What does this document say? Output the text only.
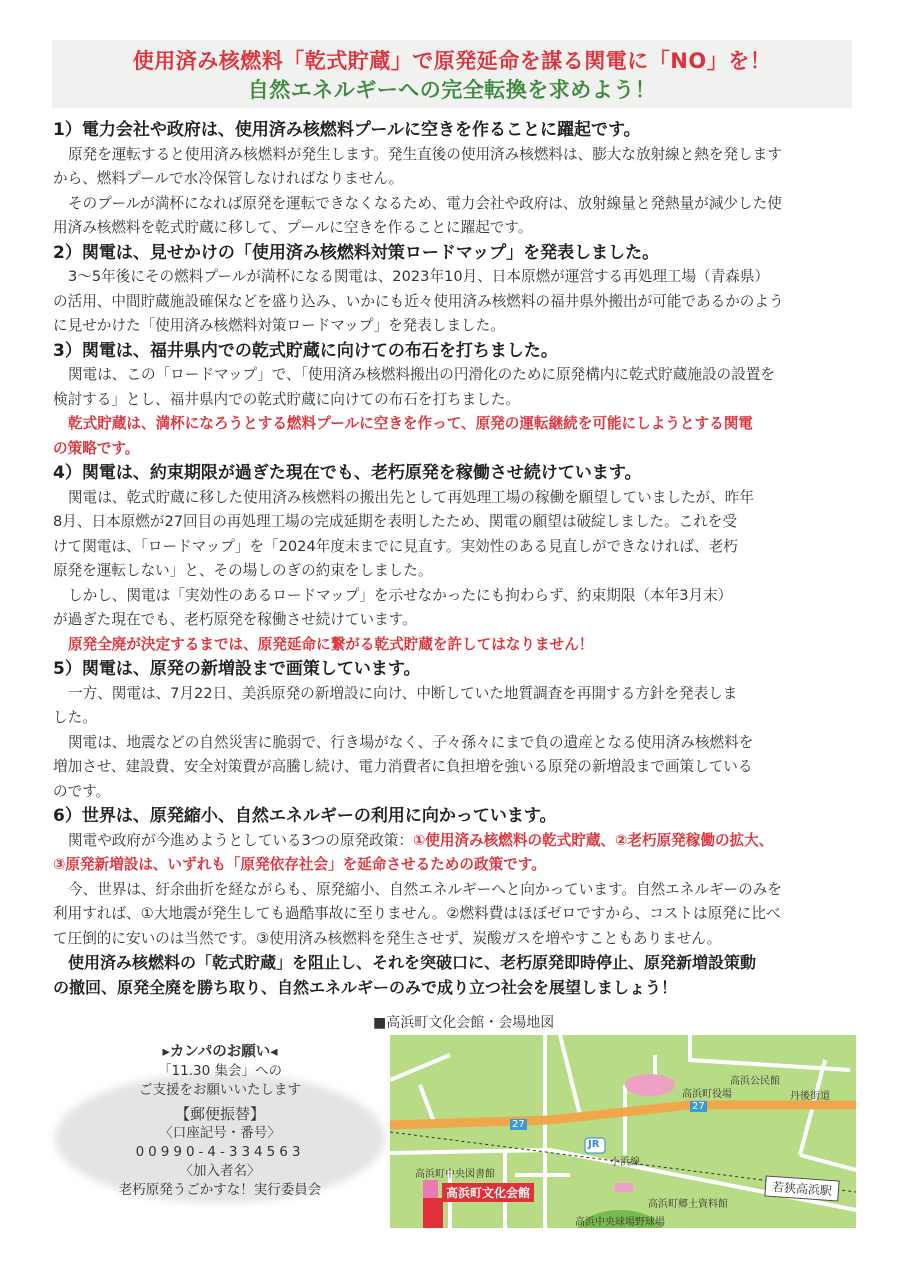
使用済み核燃料「乾式貯蔵」で原発延命を謀る関電に「NO」を！
自然エネルギーへの完全転換を求めよう！
1）電力会社や政府は、使用済み核燃料プールに空きを作ることに躍起です。
原発を運転すると使用済み核燃料が発生します。発生直後の使用済み核燃料は、膨大な放射線と熱を発します
から、燃料プールで水冷保管しなければなりません。
そのプールが満杯になれば原発を運転できなくなるため、電力会社や政府は、放射線量と発熱量が減少した使
用済み核燃料を乾式貯蔵に移して、プールに空きを作ることに躍起です。
2）関電は、見せかけの「使用済み核燃料対策ロードマップ」を発表しました。
3～5年後にその燃料プールが満杯になる関電は、2023年10月、日本原燃が運営する再処理工場（青森県）
の活用、中間貯蔵施設確保などを盛り込み、いかにも近々使用済み核燃料の福井県外搬出が可能であるかのよう
に見せかけた「使用済み核燃料対策ロードマップ」を発表しました。
3）関電は、福井県内での乾式貯蔵に向けての布石を打ちました。
関電は、この「ロードマップ」で、「使用済み核燃料搬出の円滑化のために原発構内に乾式貯蔵施設の設置を
検討する」とし、福井県内での乾式貯蔵に向けての布石を打ちました。
乾式貯蔵は、満杯になろうとする燃料プールに空きを作って、原発の運転継続を可能にしようとする関電
の策略です。
4）関電は、約束期限が過ぎた現在でも、老朽原発を稼働させ続けています。
関電は、乾式貯蔵に移した使用済み核燃料の搬出先として再処理工場の稼働を願望していましたが、昨年
8月、日本原燃が27回目の再処理工場の完成延期を表明したため、関電の願望は破綻しました。これを受
けて関電は、「ロードマップ」を「2024年度末までに見直す。実効性のある見直しができなければ、老朽
原発を運転しない」と、その場しのぎの約束をしました。
しかし、関電は「実効性のあるロードマップ」を示せなかったにも拘わらず、約束期限（本年3月末）
が過ぎた現在でも、老朽原発を稼働させ続けています。
原発全廃が決定するまでは、原発延命に繋がる乾式貯蔵を許してはなりません！
5）関電は、原発の新増設まで画策しています。
一方、関電は、7月22日、美浜原発の新増設に向け、中断していた地質調査を再開する方針を発表しま
した。
関電は、地震などの自然災害に脆弱で、行き場がなく、子々孫々にまで負の遺産となる使用済み核燃料を
増加させ、建設費、安全対策費が高騰し続け、電力消費者に負担増を強いる原発の新増設まで画策している
のです。
6）世界は、原発縮小、自然エネルギーの利用に向かっています。
関電や政府が今進めようとしている3つの原発政策：①使用済み核燃料の乾式貯蔵、②老朽原発稼働の拡大、
③原発新増設は、いずれも「原発依存社会」を延命させるための政策です。
今、世界は、紆余曲折を経ながらも、原発縮小、自然エネルギーへと向かっています。自然エネルギーのみを
利用すれば、①大地震が発生しても過酷事故に至りません。②燃料費はほぼゼロですから、コストは原発に比べ
て圧倒的に安いのは当然です。③使用済み核燃料を発生させず、炭酸ガスを増やすこともありません。
使用済み核燃料の「乾式貯蔵」を阻止し、それを突破口に、老朽原発即時停止、原発新増設策動
の撤回、原発全廃を勝ち取り、自然エネルギーのみで成り立つ社会を展望しましょう！
▸カンパのお願い◂
「11.30 集会」への
ご支援をお願いいたします
【郵便振替】
〈口座記号・番号〉
00990-4-334563
〈加入者名〉
老朽原発うごかすな！実行委員会
■高浜町文化会館・会場地図
JR
高浜公民館
高浜町役場	丹後街道
27
27
小浜線
高浜町中央図書館
高浜町郷土資料館
若狭高浜駅
高浜町文化会館
高浜中央球場野球場
